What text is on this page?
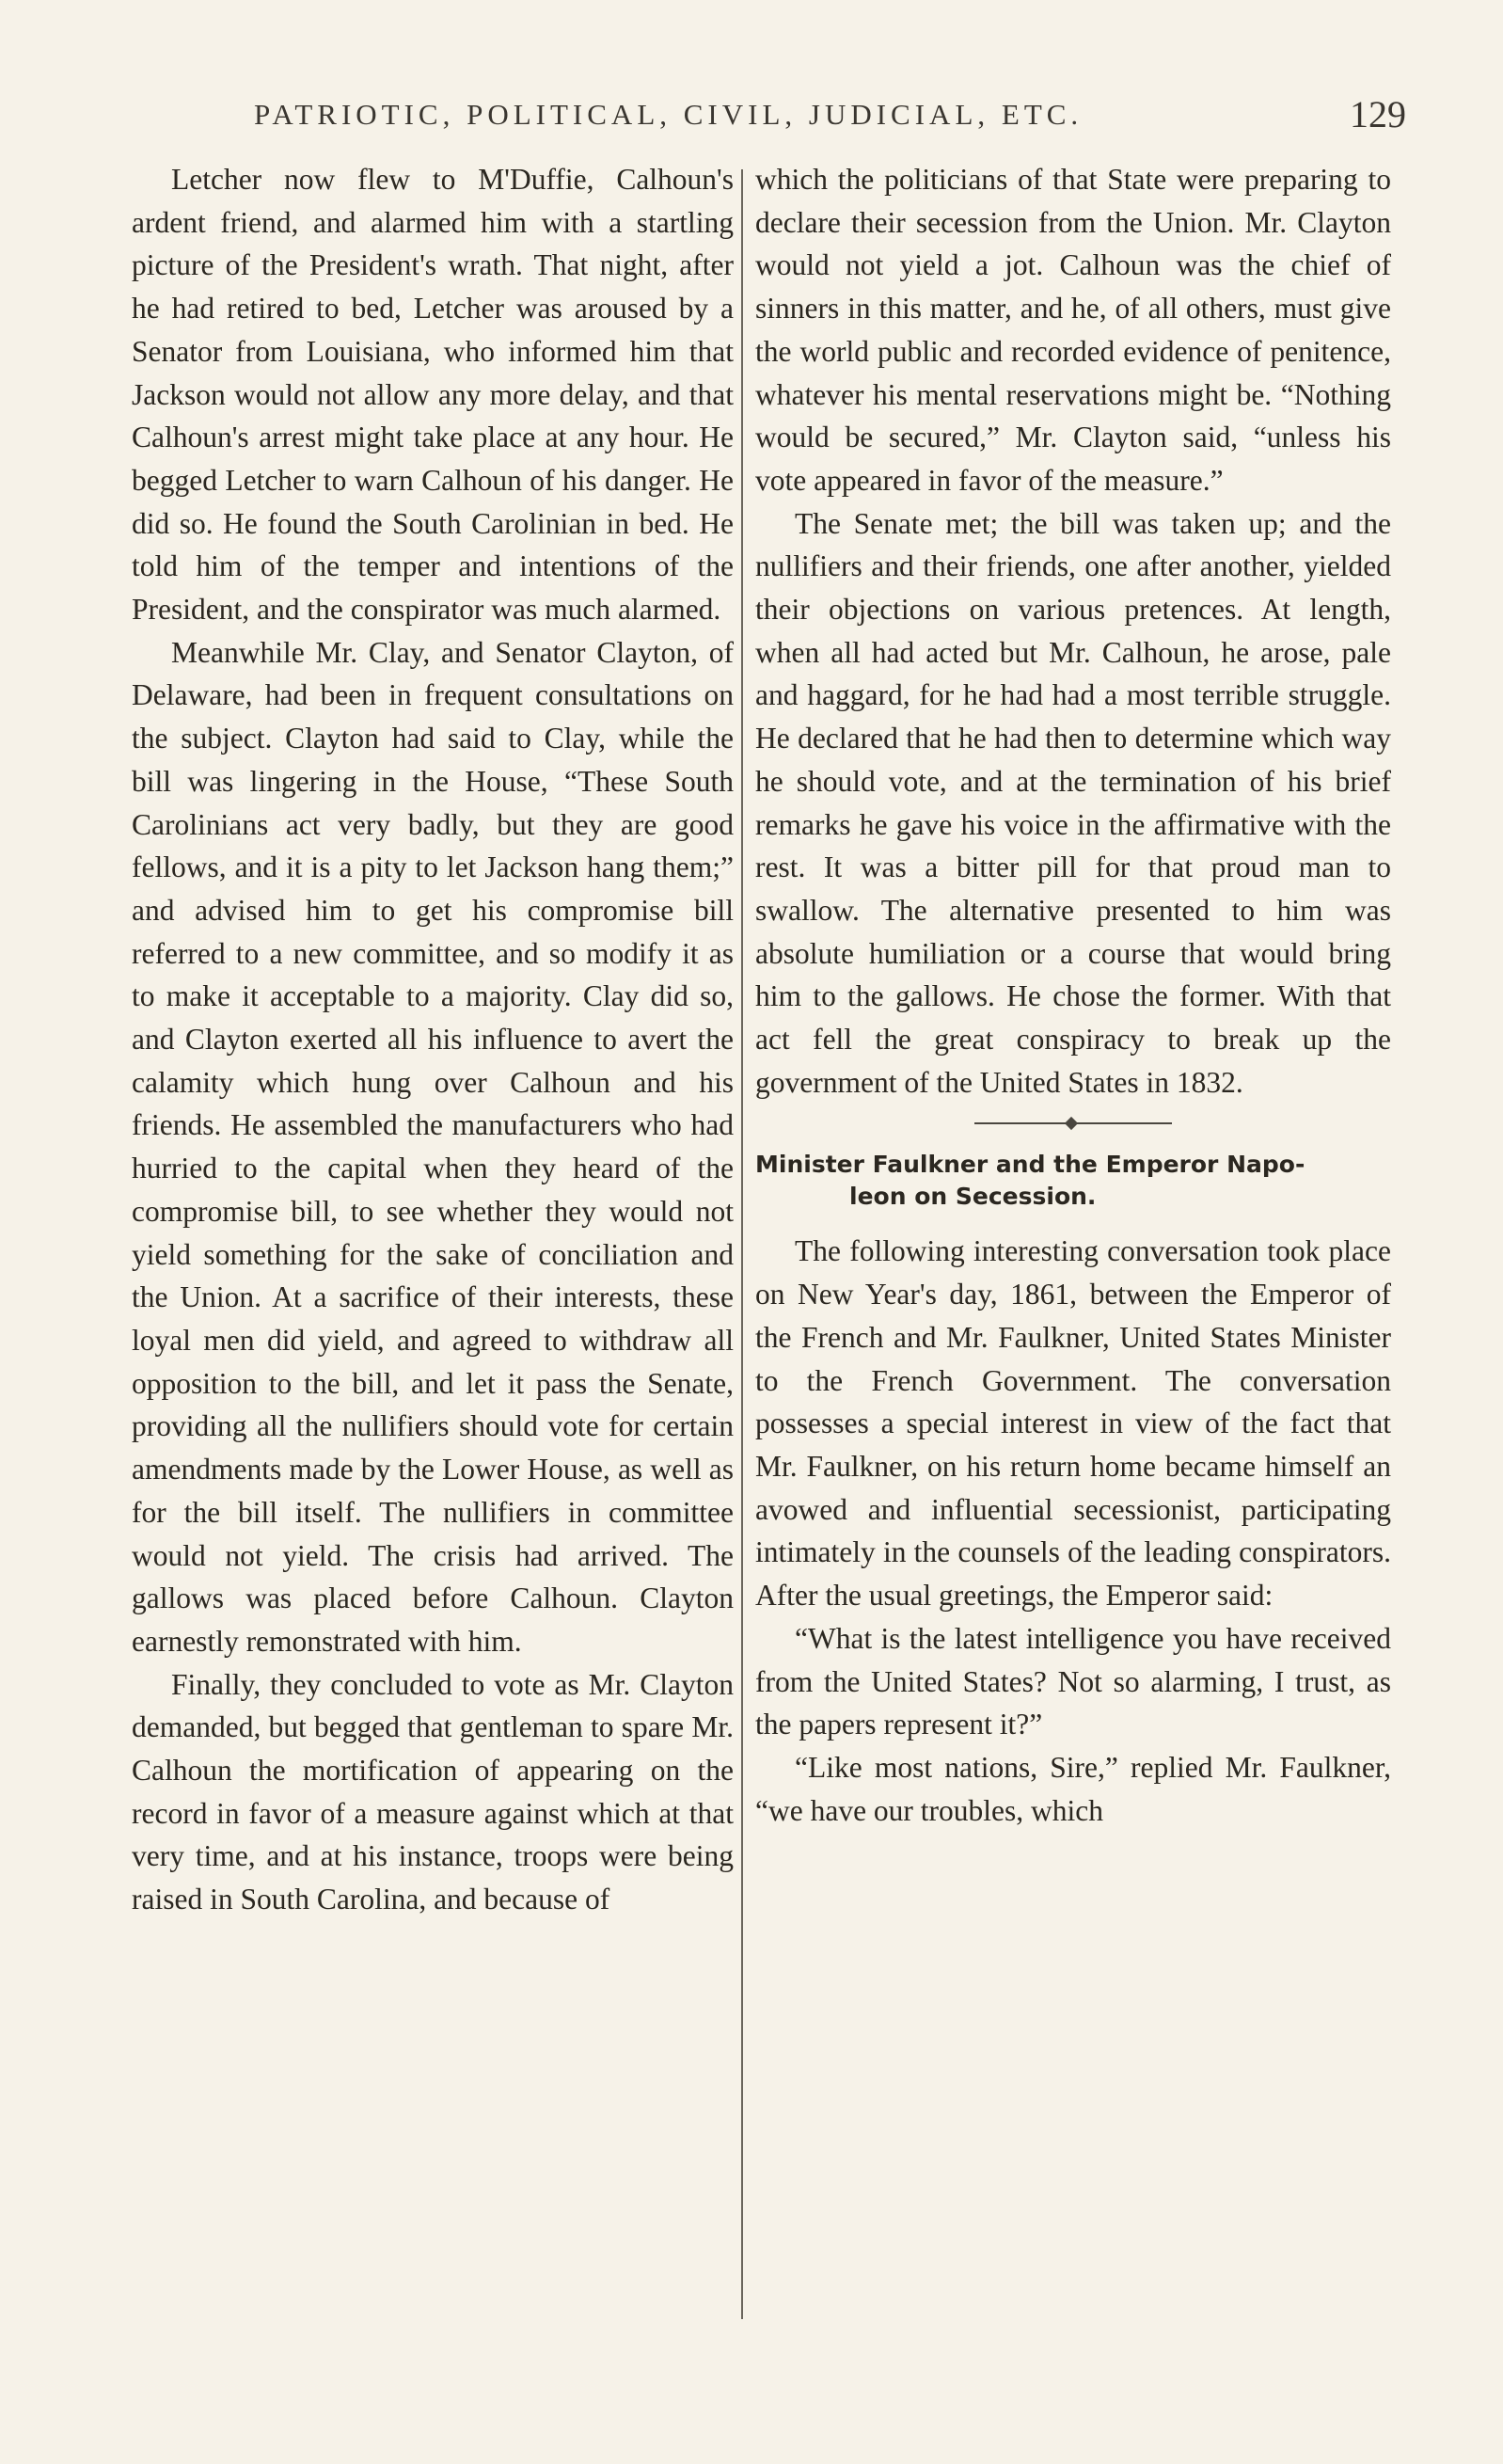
PATRIOTIC, POLITICAL, CIVIL, JUDICIAL, ETC.	129

Letcher now flew to M'Duffie, Calhoun's ardent friend, and alarmed him with a startling picture of the President's wrath. That night, after he had retired to bed, Letcher was aroused by a Senator from Louisiana, who informed him that Jackson would not allow any more delay, and that Calhoun's arrest might take place at any hour. He begged Letcher to warn Calhoun of his danger. He did so. He found the South Carolinian in bed. He told him of the temper and intentions of the President, and the conspirator was much alarmed.

Meanwhile Mr. Clay, and Senator Clayton, of Delaware, had been in frequent consultations on the subject. Clayton had said to Clay, while the bill was lingering in the House, “These South Carolinians act very badly, but they are good fellows, and it is a pity to let Jackson hang them;” and advised him to get his compromise bill referred to a new committee, and so modify it as to make it acceptable to a majority. Clay did so, and Clayton exerted all his influence to avert the calamity which hung over Calhoun and his friends. He assembled the manufacturers who had hurried to the capital when they heard of the compromise bill, to see whether they would not yield something for the sake of conciliation and the Union. At a sacrifice of their interests, these loyal men did yield, and agreed to withdraw all opposition to the bill, and let it pass the Senate, providing all the nullifiers should vote for certain amendments made by the Lower House, as well as for the bill itself. The nullifiers in committee would not yield. The crisis had arrived. The gallows was placed before Calhoun. Clayton earnestly remonstrated with him.

Finally, they concluded to vote as Mr. Clayton demanded, but begged that gentleman to spare Mr. Calhoun the mortification of appearing on the record in favor of a measure against which at that very time, and at his instance, troops were being raised in South Carolina, and because of

which the politicians of that State were preparing to declare their secession from the Union. Mr. Clayton would not yield a jot. Calhoun was the chief of sinners in this matter, and he, of all others, must give the world public and recorded evidence of penitence, whatever his mental reservations might be. “Nothing would be secured,” Mr. Clayton said, “unless his vote appeared in favor of the measure.”

The Senate met; the bill was taken up; and the nullifiers and their friends, one after another, yielded their objections on various pretences. At length, when all had acted but Mr. Calhoun, he arose, pale and haggard, for he had had a most terrible struggle. He declared that he had then to determine which way he should vote, and at the termination of his brief remarks he gave his voice in the affirmative with the rest. It was a bitter pill for that proud man to swallow. The alternative presented to him was absolute humiliation or a course that would bring him to the gallows. He chose the former. With that act fell the great conspiracy to break up the government of the United States in 1832.

Minister Faulkner and the Emperor Napo-
leon on Secession.

The following interesting conversation took place on New Year's day, 1861, between the Emperor of the French and Mr. Faulkner, United States Minister to the French Government. The conversation possesses a special interest in view of the fact that Mr. Faulkner, on his return home became himself an avowed and influential secessionist, participating intimately in the counsels of the leading conspirators. After the usual greetings, the Emperor said:

“What is the latest intelligence you have received from the United States? Not so alarming, I trust, as the papers represent it?”

“Like most nations, Sire,” replied Mr. Faulkner, “we have our troubles, which
